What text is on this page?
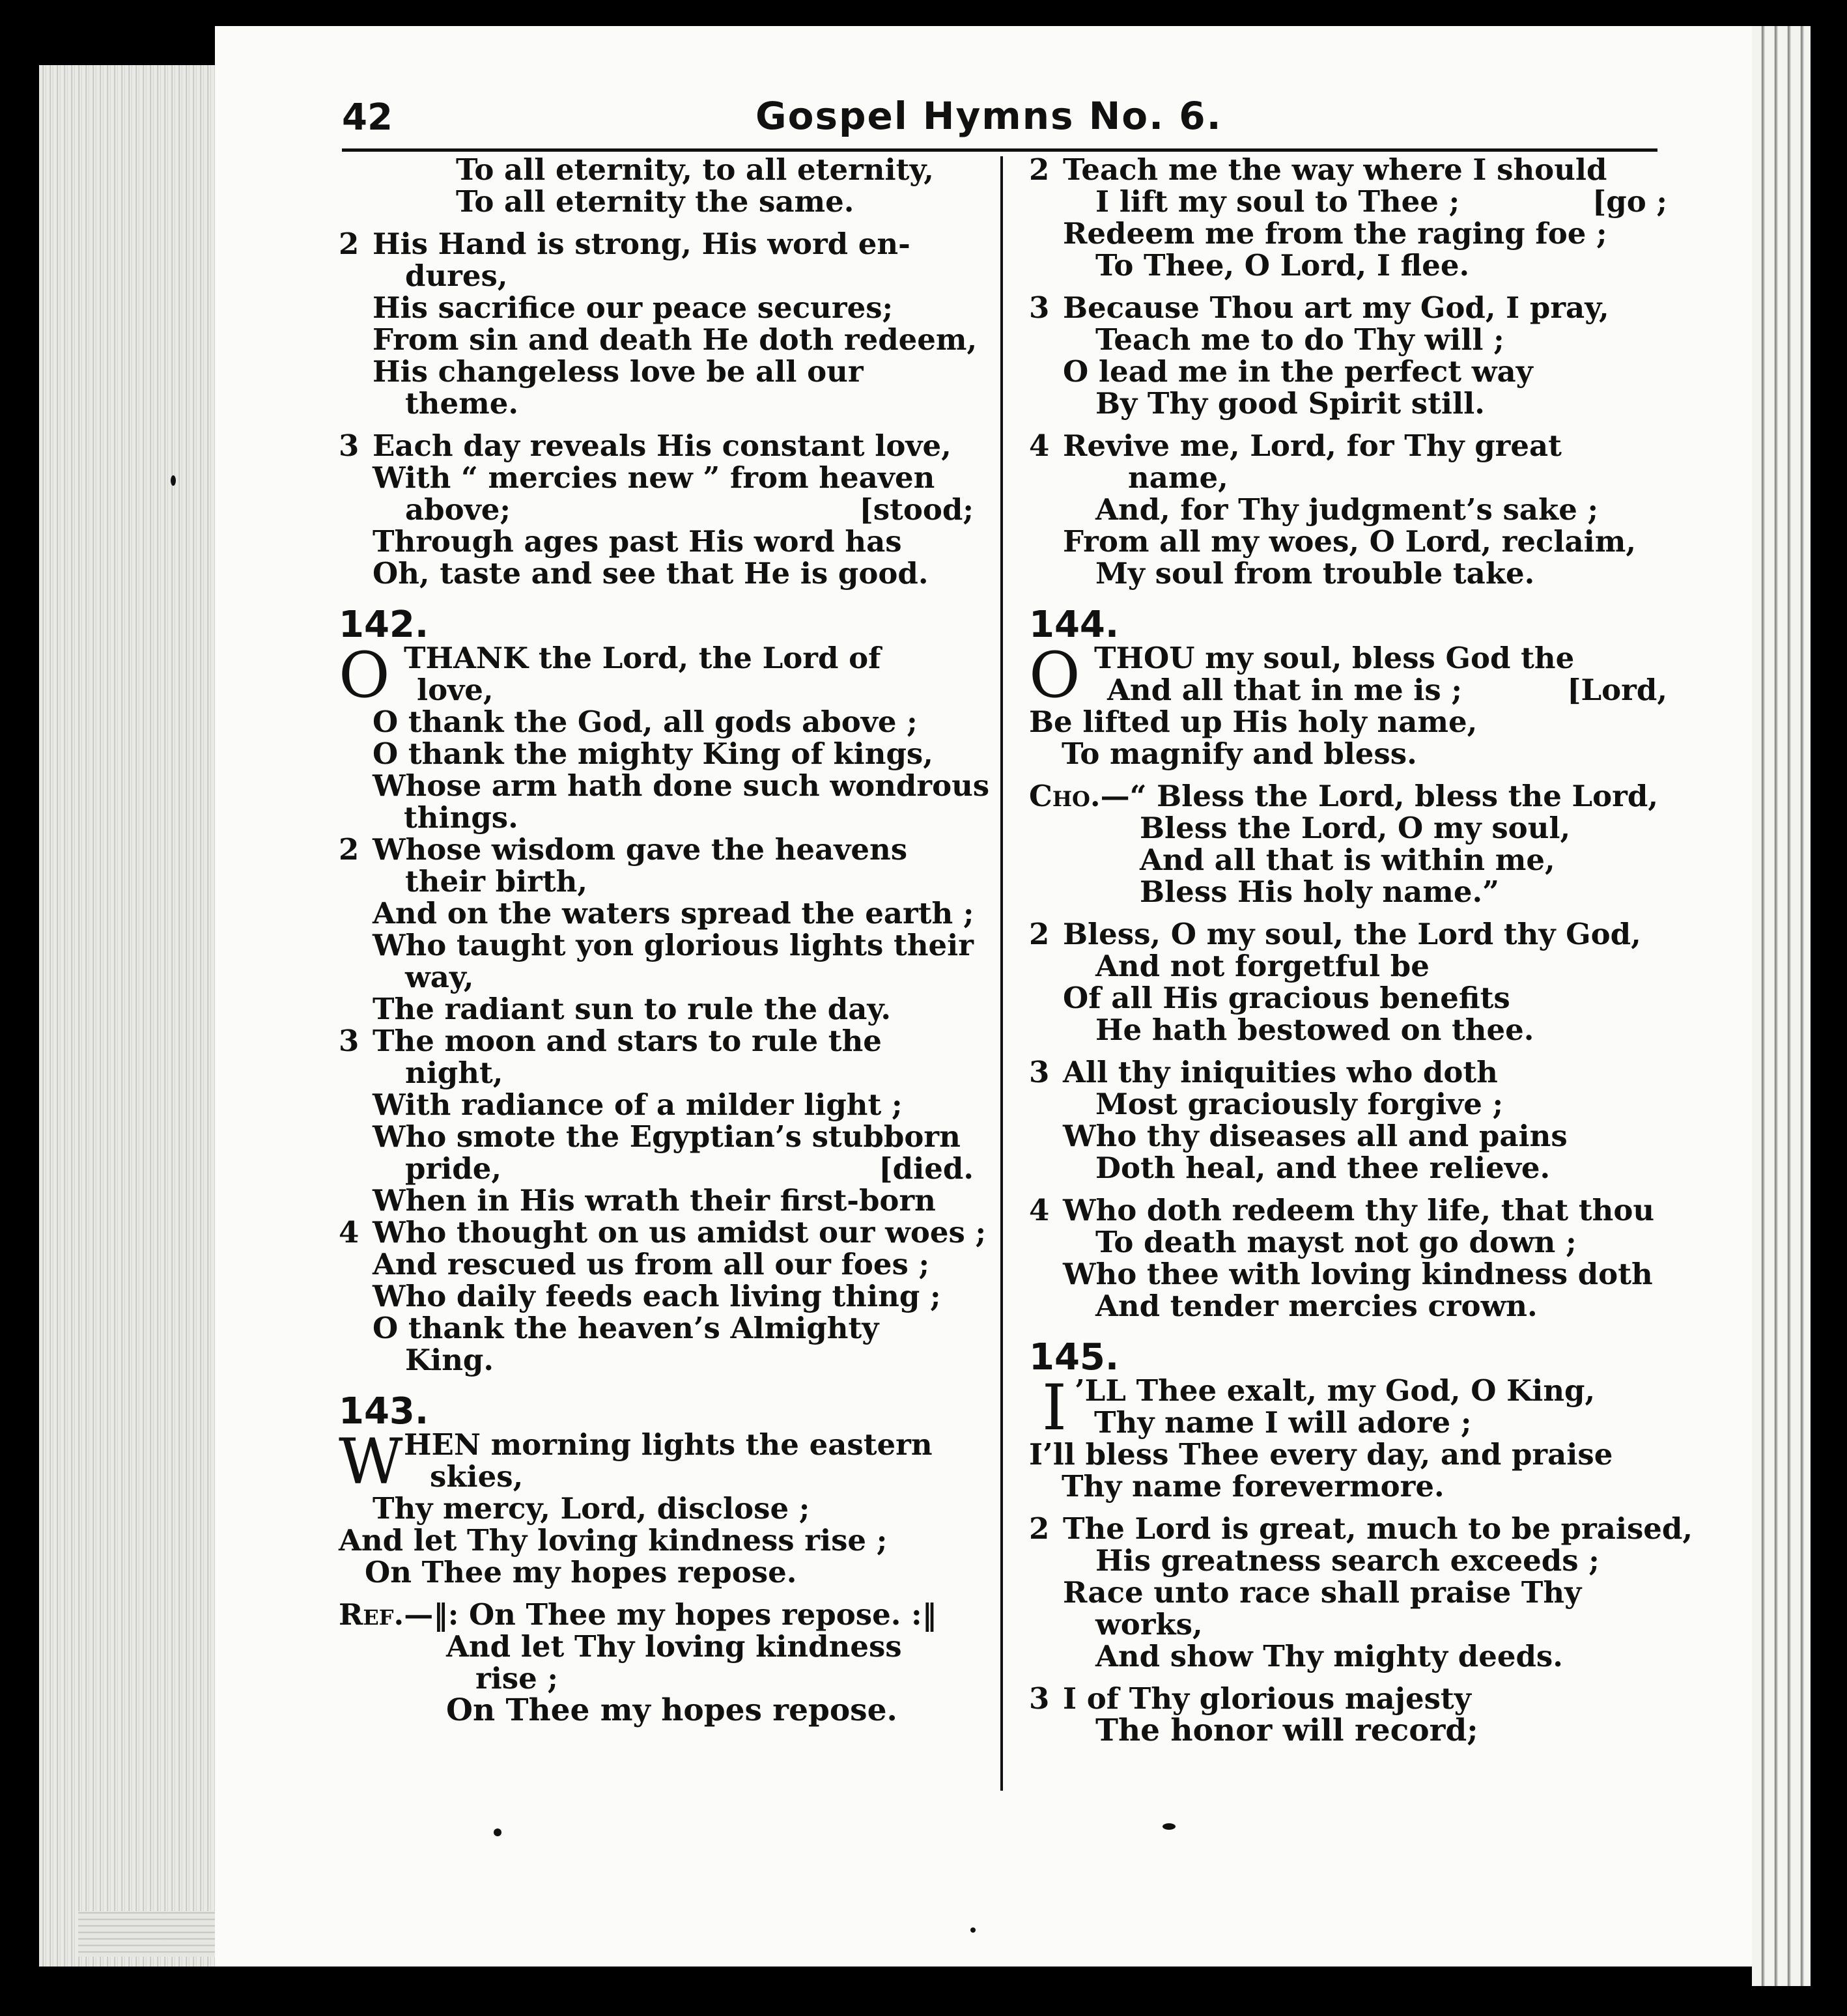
42	Gospel Hymns No. 6.
To all eternity, to all eternity,
To all eternity the same.
2 His Hand is strong, His word en-
dures,
His sacrifice our peace secures;
From sin and death He doth redeem,
His changeless love be all our
theme.
3 Each day reveals His constant love,
With “ mercies new ” from heaven
above;	[stood;
Through ages past His word has
Oh, taste and see that He is good.
142.
O THANK the Lord, the Lord of
love,
O thank the God, all gods above ;
O thank the mighty King of kings,
Whose arm hath done such wondrous
things.
2 Whose wisdom gave the heavens
their birth,
And on the waters spread the earth ;
Who taught yon glorious lights their
way,
The radiant sun to rule the day.
3 The moon and stars to rule the
night,
With radiance of a milder light ;
Who smote the Egyptian’s stubborn
pride,	[died.
When in His wrath their first-born
4 Who thought on us amidst our woes ;
And rescued us from all our foes ;
Who daily feeds each living thing ;
O thank the heaven’s Almighty
King.
143.
W HEN morning lights the eastern
skies,
Thy mercy, Lord, disclose ;
And let Thy loving kindness rise ;
On Thee my hopes repose.
Ref.—‖: On Thee my hopes repose. :‖
And let Thy loving kindness
rise ;
On Thee my hopes repose.
2 Teach me the way where I should
I lift my soul to Thee ;	[go ;
Redeem me from the raging foe ;
To Thee, O Lord, I flee.
3 Because Thou art my God, I pray,
Teach me to do Thy will ;
O lead me in the perfect way
By Thy good Spirit still.
4 Revive me, Lord, for Thy great
name,
And, for Thy judgment’s sake ;
From all my woes, O Lord, reclaim,
My soul from trouble take.
144.
O THOU my soul, bless God the
And all that in me is ;	[Lord,
Be lifted up His holy name,
To magnify and bless.
Cho.—“ Bless the Lord, bless the Lord,
Bless the Lord, O my soul,
And all that is within me,
Bless His holy name.”
2 Bless, O my soul, the Lord thy God,
And not forgetful be
Of all His gracious benefits
He hath bestowed on thee.
3 All thy iniquities who doth
Most graciously forgive ;
Who thy diseases all and pains
Doth heal, and thee relieve.
4 Who doth redeem thy life, that thou
To death mayst not go down ;
Who thee with loving kindness doth
And tender mercies crown.
145.
I ’LL Thee exalt, my God, O King,
Thy name I will adore ;
I’ll bless Thee every day, and praise
Thy name forevermore.
2 The Lord is great, much to be praised,
His greatness search exceeds ;
Race unto race shall praise Thy
works,
And show Thy mighty deeds.
3 I of Thy glorious majesty
The honor will record;
